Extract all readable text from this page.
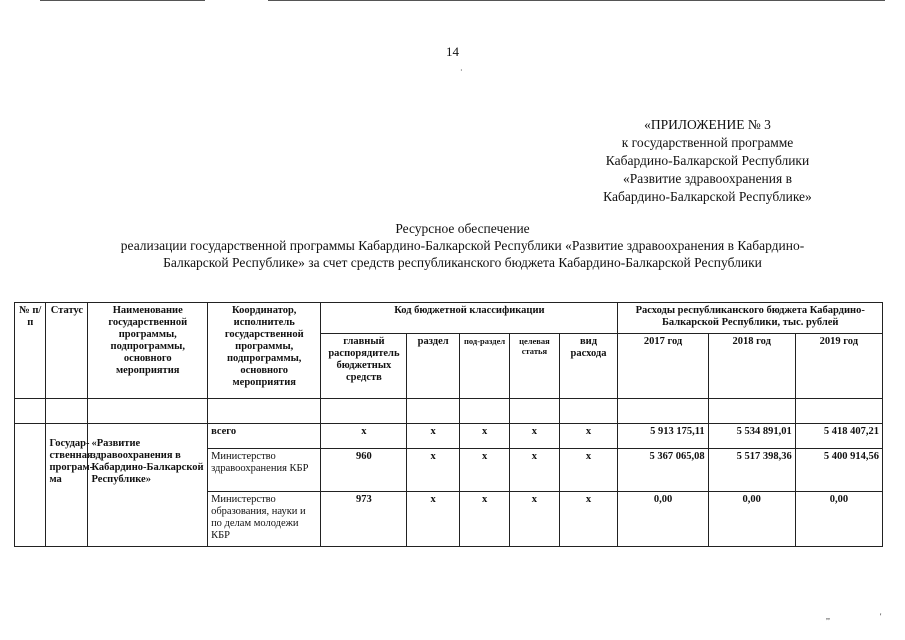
14
·
«ПРИЛОЖЕНИЕ № 3
к государственной программе
Кабардино-Балкарской Республики
«Развитие здравоохранения в
Кабардино-Балкарской Республике»
Ресурсное обеспечение
реализации государственной программы Кабардино-Балкарской Республики «Развитие здравоохранения в Кабардино-
Балкарской Республике» за счет средств республиканского бюджета Кабардино-Балкарской Республики
№ п/п	Статус	Наименование государственной программы, подпрограммы, основного мероприятия	Координатор, исполнитель государственной программы, подпрограммы, основного мероприятия	Код бюджетной классификации					Расходы республиканского бюджета Кабардино-Балкарской Республики, тыс. рублей		
				главный распорядитель бюджетных средств	раздел	под-раздел	целевая статья	вид расхода	2017 год	2018 год	2019 год

	Государ-ственная програм-ма	«Развитие здравоохранения в Кабардино-Балкарской Республике»	всего	х	х	х	х	х	5 913 175,11	5 534 891,01	5 418 407,21
			Министерство здравоохранения КБР	960	х	х	х	х	5 367 065,08	5 517 398,36	5 400 914,56
			Министерство образования, науки и по делам молодежи КБР	973	х	х	х	х	0,00	0,00	0,00
,,	'
